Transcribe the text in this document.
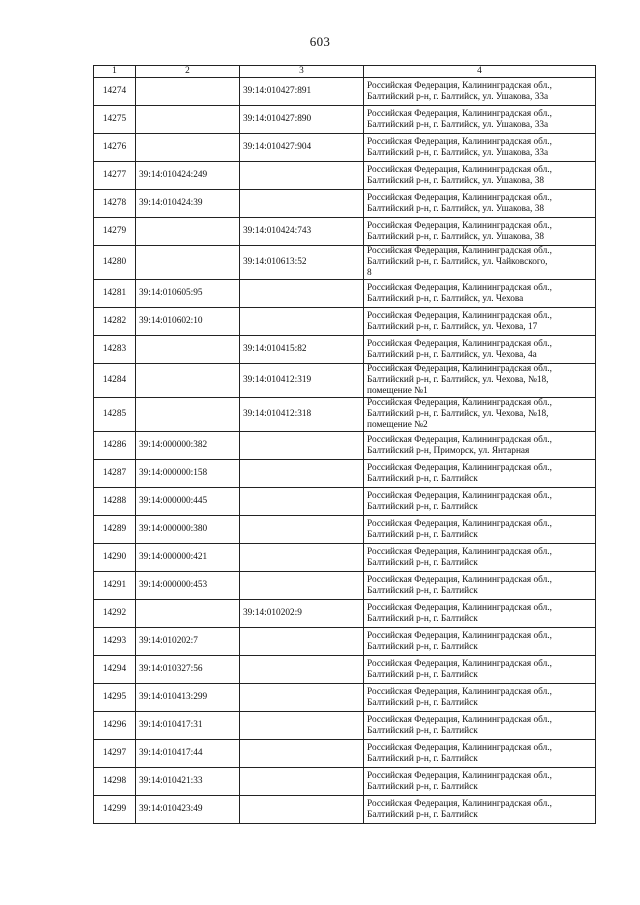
603
1	2	3	4
14274		39:14:010427:891	Российская Федерация, Калининградская обл.,
Балтийский р-н, г. Балтийск, ул. Ушакова, 33а
14275		39:14:010427:890	Российская Федерация, Калининградская обл.,
Балтийский р-н, г. Балтийск, ул. Ушакова, 33а
14276		39:14:010427:904	Российская Федерация, Калининградская обл.,
Балтийский р-н, г. Балтийск, ул. Ушакова, 33а
14277	39:14:010424:249		Российская Федерация, Калининградская обл.,
Балтийский р-н, г. Балтийск, ул. Ушакова, 38
14278	39:14:010424:39		Российская Федерация, Калининградская обл.,
Балтийский р-н, г. Балтийск, ул. Ушакова, 38
14279		39:14:010424:743	Российская Федерация, Калининградская обл.,
Балтийский р-н, г. Балтийск, ул. Ушакова, 38
14280		39:14:010613:52	Российская Федерация, Калининградская обл.,
Балтийский р-н, г. Балтийск, ул. Чайковского,
8
14281	39:14:010605:95		Российская Федерация, Калининградская обл.,
Балтийский р-н, г. Балтийск, ул. Чехова
14282	39:14:010602:10		Российская Федерация, Калининградская обл.,
Балтийский р-н, г. Балтийск, ул. Чехова, 17
14283		39:14:010415:82	Российская Федерация, Калининградская обл.,
Балтийский р-н, г. Балтийск, ул. Чехова, 4а
14284		39:14:010412:319	Российская Федерация, Калининградская обл.,
Балтийский р-н, г. Балтийск, ул. Чехова, №18,
помещение №1
14285		39:14:010412:318	Российская Федерация, Калининградская обл.,
Балтийский р-н, г. Балтийск, ул. Чехова, №18,
помещение №2
14286	39:14:000000:382		Российская Федерация, Калининградская обл.,
Балтийский р-н, Приморск, ул. Янтарная
14287	39:14:000000:158		Российская Федерация, Калининградская обл.,
Балтийский р-н, г. Балтийск
14288	39:14:000000:445		Российская Федерация, Калининградская обл.,
Балтийский р-н, г. Балтийск
14289	39:14:000000:380		Российская Федерация, Калининградская обл.,
Балтийский р-н, г. Балтийск
14290	39:14:000000:421		Российская Федерация, Калининградская обл.,
Балтийский р-н, г. Балтийск
14291	39:14:000000:453		Российская Федерация, Калининградская обл.,
Балтийский р-н, г. Балтийск
14292		39:14:010202:9	Российская Федерация, Калининградская обл.,
Балтийский р-н, г. Балтийск
14293	39:14:010202:7		Российская Федерация, Калининградская обл.,
Балтийский р-н, г. Балтийск
14294	39:14:010327:56		Российская Федерация, Калининградская обл.,
Балтийский р-н, г. Балтийск
14295	39:14:010413:299		Российская Федерация, Калининградская обл.,
Балтийский р-н, г. Балтийск
14296	39:14:010417:31		Российская Федерация, Калининградская обл.,
Балтийский р-н, г. Балтийск
14297	39:14:010417:44		Российская Федерация, Калининградская обл.,
Балтийский р-н, г. Балтийск
14298	39:14:010421:33		Российская Федерация, Калининградская обл.,
Балтийский р-н, г. Балтийск
14299	39:14:010423:49		Российская Федерация, Калининградская обл.,
Балтийский р-н, г. Балтийск
